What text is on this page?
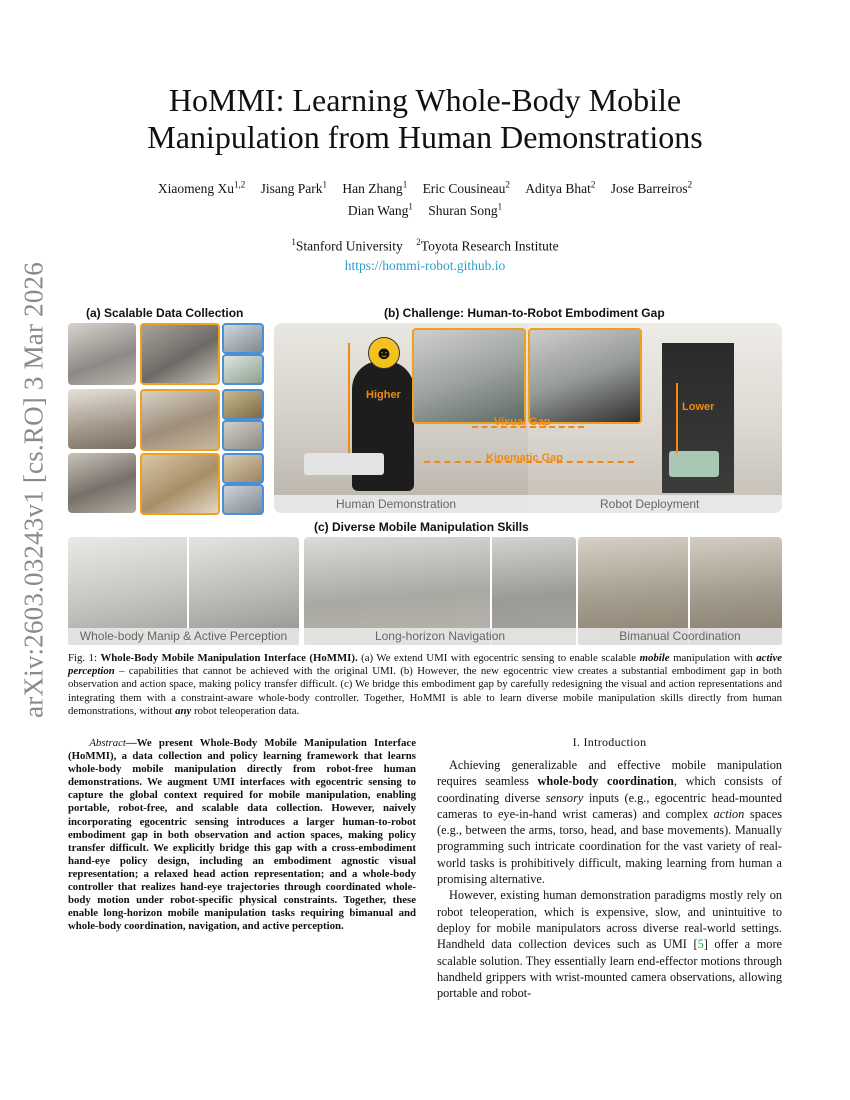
arXiv:2603.03243v1 [cs.RO] 3 Mar 2026
HoMMI: Learning Whole-Body Mobile
Manipulation from Human Demonstrations
Xiaomeng Xu$^{1,2}$ Jisang Park$^1$ Han Zhang$^1$ Eric Cousineau$^2$ Aditya Bhat$^2$ Jose Barreiros$^2$
Dian Wang$^1$ Shuran Song$^1$
$^1$Stanford University $^2$Toyota Research Institute
https://hommi-robot.github.io
(a) Scalable Data Collection	(b) Challenge: Human-to-Robot Embodiment Gap
☻
Higher
Lower
Visual Gap
Kinematic Gap
Human Demonstration	Robot Deployment
(c) Diverse Mobile Manipulation Skills
Whole-body Manip & Active Perception	Long-horizon Navigation	Bimanual Coordination
Fig. 1: Whole-Body Mobile Manipulation Interface (HoMMI). (a) We extend UMI with egocentric sensing to enable scalable mobile manipulation with active perception – capabilities that cannot be achieved with the original UMI. (b) However, the new egocentric view creates a substantial embodiment gap in both observation and action space, making policy transfer difficult. (c) We bridge this embodiment gap by carefully redesigning the visual and action representations and integrating them with a constraint-aware whole-body controller. Together, HoMMI is able to learn diverse mobile manipulation skills directly from human demonstrations, without any robot teleoperation data.
Abstract—We present Whole-Body Mobile Manipulation Interface (HoMMI), a data collection and policy learning framework that learns whole-body mobile manipulation directly from robot-free human demonstrations. We augment UMI interfaces with egocentric sensing to capture the global context required for mobile manipulation, enabling portable, robot-free, and scalable data collection. However, naively incorporating egocentric sensing introduces a larger human-to-robot embodiment gap in both observation and action spaces, making policy transfer difficult. We explicitly bridge this gap with a cross-embodiment hand-eye policy design, including an embodiment agnostic visual representation; a relaxed head action representation; and a whole-body controller that realizes hand-eye trajectories through coordinated whole-body motion under robot-specific physical constraints. Together, these enable long-horizon mobile manipulation tasks requiring bimanual and whole-body coordination, navigation, and active perception.
I. Introduction

Achieving generalizable and effective mobile manipulation requires seamless whole-body coordination, which consists of coordinating diverse sensory inputs (e.g., egocentric head-mounted cameras to eye-in-hand wrist cameras) and complex action spaces (e.g., between the arms, torso, head, and base movements). Manually programming such intricate coordination for the vast variety of real-world tasks is prohibitively difficult, making learning from human a promising alternative.

However, existing human demonstration paradigms mostly rely on robot teleoperation, which is expensive, slow, and unintuitive to deploy for mobile manipulators across diverse real-world settings. Handheld data collection devices such as UMI [5] offer a more scalable solution. They essentially learn end-effector motions through handheld grippers with wrist-mounted camera observations, allowing portable and robot-
